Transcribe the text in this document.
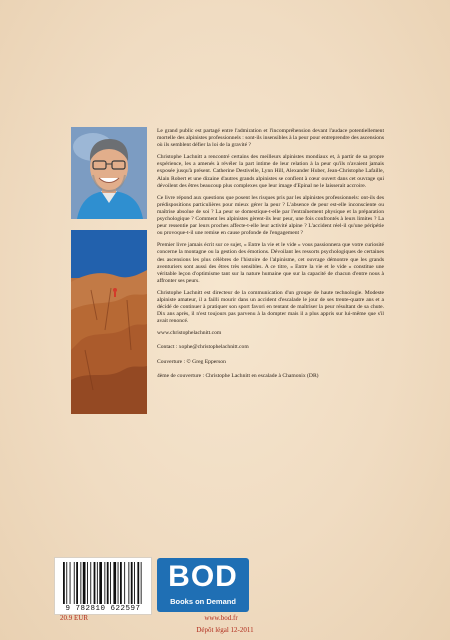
Le grand public est partagé entre l'admiration et l'incompréhension devant l'audace potentiellement mortelle des alpinistes professionnels : sont-ils insensibles à la peur pour entreprendre des ascensions où ils semblent défier la loi de la gravité ?

Christophe Lachnitt a rencontré certains des meilleurs alpinistes mondiaux et, à partir de sa propre expérience, les a amenés à révéler la part intime de leur relation à la peur qu'ils n'avaient jamais exposée jusqu'à présent. Catherine Destivelle, Lynn Hill, Alexander Huber, Jean-Christophe Lafaille, Alain Robert et une dizaine d'autres grands alpinistes se confient à cœur ouvert dans cet ouvrage qui dévoilent des êtres beaucoup plus complexes que leur image d'Epinal ne le laisserait accroire.

Ce livre répond aux questions que posent les risques pris par les alpinistes professionnels: ont-ils des prédispositions particulières pour mieux gérer la peur ? L'absence de peur est-elle inconsciente ou maîtrise absolue de soi ? La peur se domestique-t-elle par l'entraînement physique et la préparation psychologique ? Comment les alpinistes gèrent-ils leur peur, une fois confrontés à leurs limites ? La peur ressentie par leurs proches affecte-t-elle leur activité alpine ? L'accident réel-il qu'une péripétie ou provoque-t-il une remise en cause profonde de l'engagement ?

Premier livre jamais écrit sur ce sujet, « Entre la vie et le vide » vous passionnera que votre curiosité concerne la montagne ou la gestion des émotions. Dévoilant les ressorts psychologiques de certaines des ascensions les plus célèbres de l'histoire de l'alpinisme, cet ouvrage démontre que les grands aventuriers sont aussi des êtres très sensibles. A ce titre, « Entre la vie et le vide » constitue une véritable leçon d'optimisme tant sur la nature humaine que sur la capacité de chacun d'entre nous à affronter ses peurs.

Christophe Lachnitt est directeur de la communication d'un groupe de haute technologie. Modeste alpiniste amateur, il a failli mourir dans un accident d'escalade le jour de ses trente-quatre ans et a décidé de continuer à pratiquer son sport favori en tentant de maîtriser la peur résultant de sa chute. Dix ans après, il n'est toujours pas parvenu à la dompter mais il a plus appris sur lui-même que s'il avait renoncé.

www.christophelachnitt.com
Contact : xophe@christophelachnitt.com
Couverture : © Greg Epperson
4ème de couverture : Christophe Lachnitt en escalade à Chamonix (DR)
9 782810 622597
20.9 EUR
BOD
Books on Demand
www.bod.fr
Dépôt légal 12-2011
